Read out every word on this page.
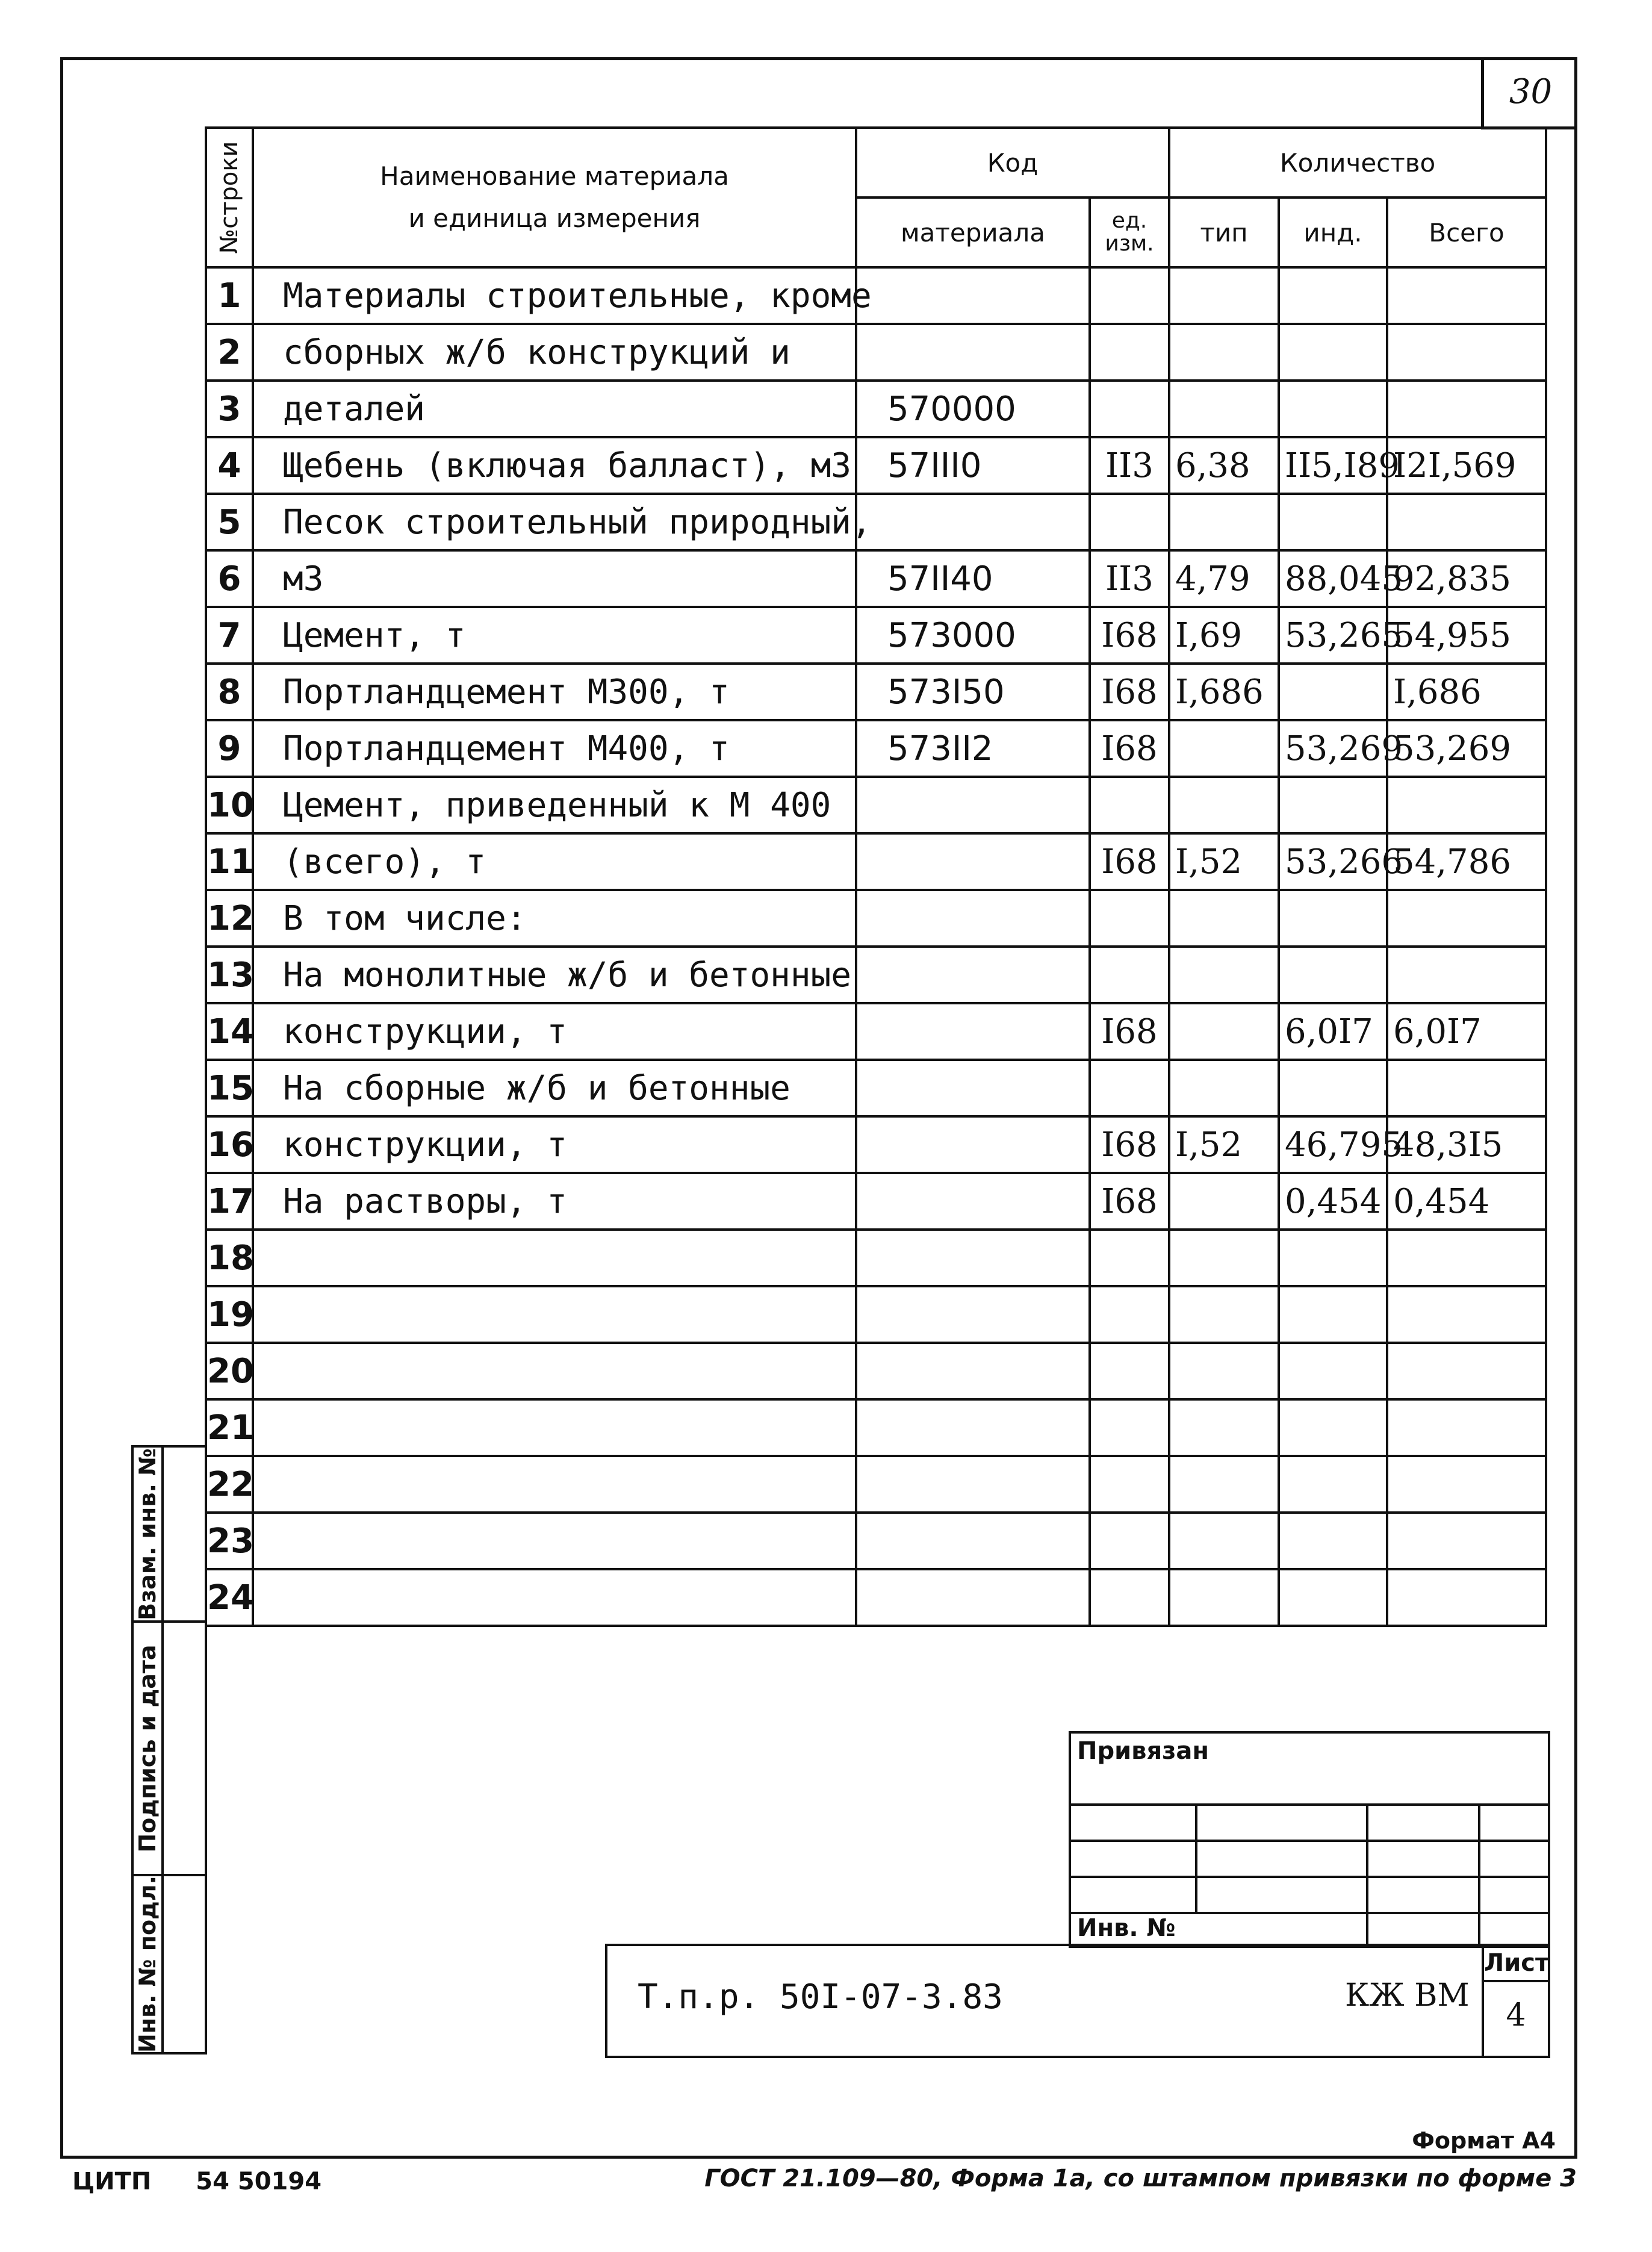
30
№строки	Наименование материала
и единица измерения	Код		Количество		
		материала	ед. изм.	тип	инд.	Всего
1	Материалы строительные, кроме					
2	сборных ж/б конструкций и					
3	деталей	570000				
4	Щебень (включая балласт), м3	57III0	II3	6,38	II5,I89	I2I,569
5	Песок строительный природный,					
6	м3	57II40	II3	4,79	88,045	92,835
7	Цемент, т	573000	I68	I,69	53,265	54,955
8	Портландцемент М300, т	573I50	I68	I,686		I,686
9	Портландцемент М400, т	573II2	I68		53,269	53,269
10	Цемент, приведенный к М 400					
11	(всего), т		I68	I,52	53,266	54,786
12	В том числе:					
13	На монолитные ж/б и бетонные					
14	конструкции, т		I68		6,0I7	6,0I7
15	На сборные ж/б и бетонные					
16	конструкции, т		I68	I,52	46,795	48,3I5
17	На растворы, т		I68		0,454	0,454
18						
19						
20						
21						
22						
23						
24						
Взам. инв. №
Подпись и дата
Инв. № подл.
Привязан
Инв. №
Т.п.р. 50I-07-3.83	КЖ ВМ
Лист
4
Формат А4
ЦИТП 54 50194	ГОСТ 21.109—80, Форма 1а, со штампом привязки по форме 3
